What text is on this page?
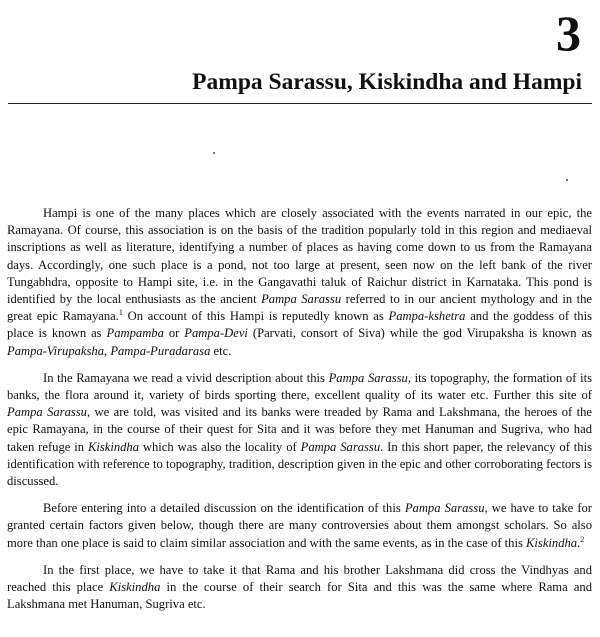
3
Pampa Sarassu, Kiskindha and Hampi

Hampi is one of the many places which are closely associated with the events narrated in our epic, the Ramayana. Of course, this association is on the basis of the tradition popularly told in this region and mediaeval inscriptions as well as literature, identifying a number of places as having come down to us from the Ramayana days. Accordingly, one such place is a pond, not too large at present, seen now on the left bank of the river Tungabhdra, opposite to Hampi site, i.e. in the Gangavathi taluk of Raichur district in Karnataka. This pond is identified by the local enthusiasts as the ancient Pampa Sarassu referred to in our ancient mythology and in the great epic Ramayana.$^1$ On account of this Hampi is reputedly known as Pampa-kshetra and the goddess of this place is known as Pampamba or Pampa-Devi (Parvati, consort of Siva) while the god Virupaksha is known as Pampa-Virupaksha, Pampa-Puradarasa etc.

In the Ramayana we read a vivid description about this Pampa Sarassu, its topography, the formation of its banks, the flora around it, variety of birds sporting there, excellent quality of its water etc. Further this site of Pampa Sarassu, we are told, was visited and its banks were treaded by Rama and Lakshmana, the heroes of the epic Ramayana, in the course of their quest for Sita and it was before they met Hanuman and Sugriva, who had taken refuge in Kiskindha which was also the locality of Pampa Sarassu. In this short paper, the relevancy of this identification with reference to topography, tradition, description given in the epic and other corroborating fectors is discussed.

Before entering into a detailed discussion on the identification of this Pampa Sarassu, we have to take for granted certain factors given below, though there are many controversies about them amongst scholars. So also more than one place is said to claim similar association and with the same events, as in the case of this Kiskindha.$^2$

In the first place, we have to take it that Rama and his brother Lakshmana did cross the Vindhyas and reached this place Kiskindha in the course of their search for Sita and this was the same where Rama and Lakshmana met Hanuman, Sugriva etc.
